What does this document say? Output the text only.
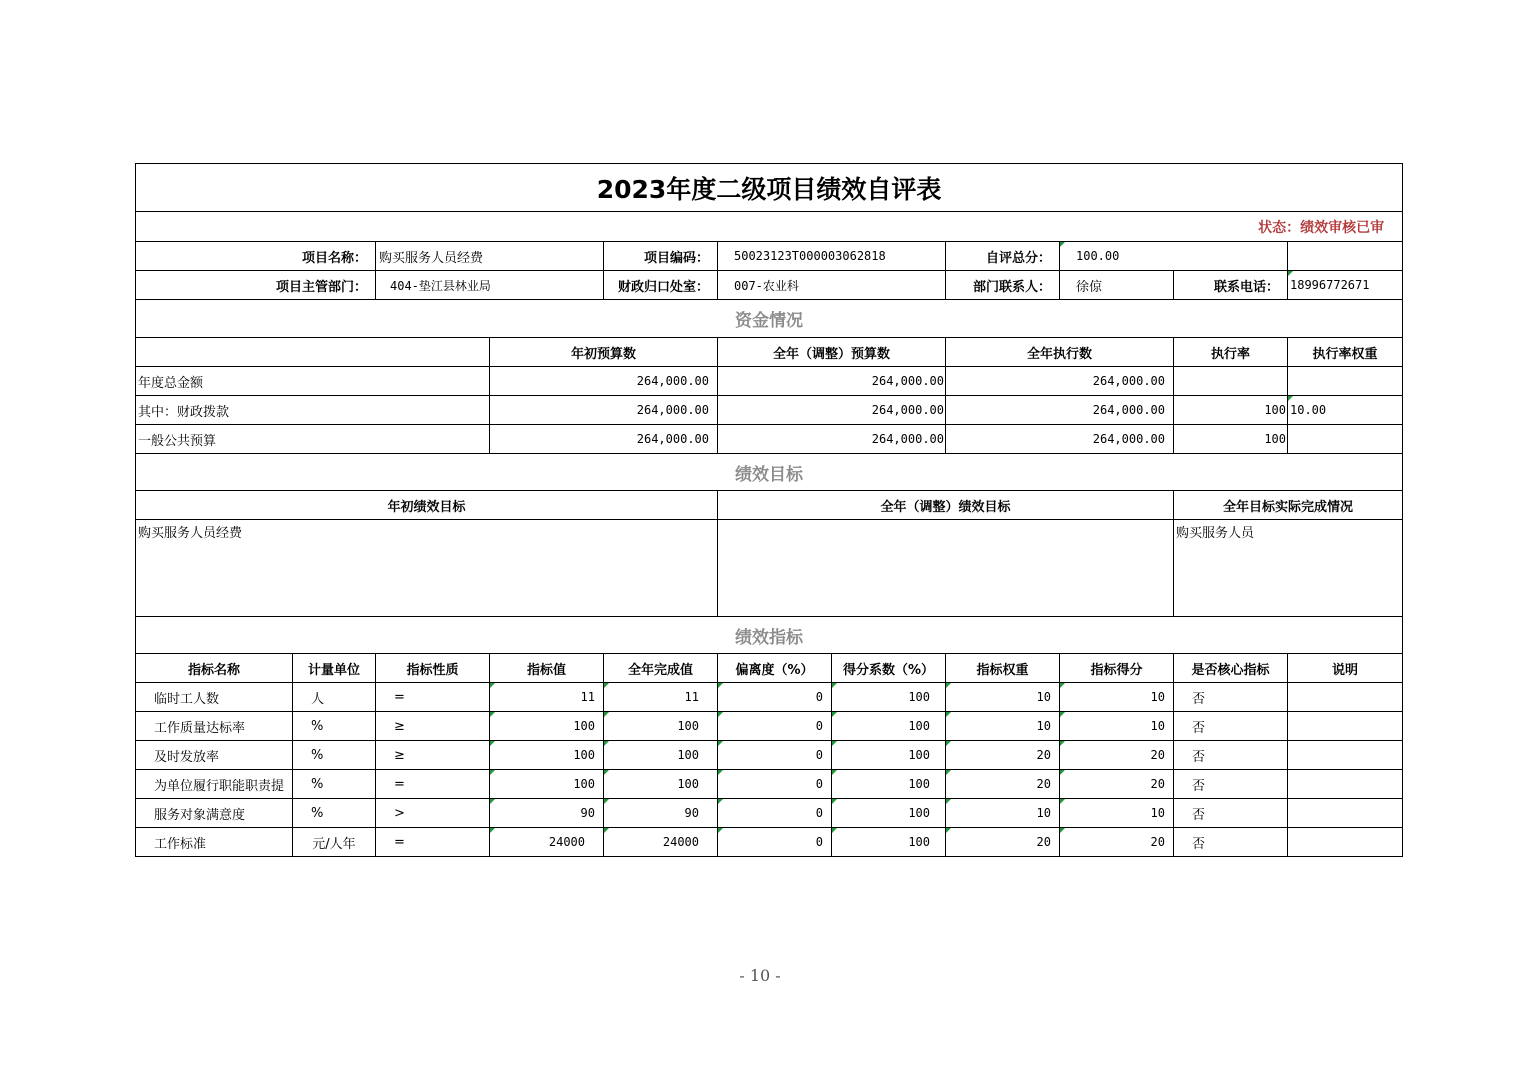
2023年度二级项目绩效自评表											
状态：绩效审核已审											
项目名称：		购买服务人员经费		项目编码：	50023123T000003062818		自评总分：	100.00			
项目主管部门：		404-垫江县林业局		财政归口处室：	007-农业科		部门联系人：	徐倞	联系电话：	18996772671	
资金情况											
			年初预算数		全年（调整）预算数		全年执行数		执行率	执行率权重	
年度总金额			264,000.00		264,000.00		264,000.00				
其中：财政拨款			264,000.00		264,000.00		264,000.00		100	10.00	
一般公共预算			264,000.00		264,000.00		264,000.00		100		
绩效目标											
年初绩效目标					全年（调整）绩效目标				全年目标实际完成情况		
购买服务人员经费									购买服务人员		
绩效指标											
指标名称	计量单位	指标性质	指标值	全年完成值	偏离度（%）	得分系数（%）	指标权重	指标得分	是否核心指标	说明	
临时工人数	人	=	11	11	0	100	10	10	否		
工作质量达标率	%	≥	100	100	0	100	10	10	否		
及时发放率	%	≥	100	100	0	100	20	20	否		
为单位履行职能职责提	%	=	100	100	0	100	20	20	否		
服务对象满意度	%	>	90	90	0	100	10	10	否		
工作标准	元/人年	=	24000	24000	0	100	20	20	否		
- 10 -
